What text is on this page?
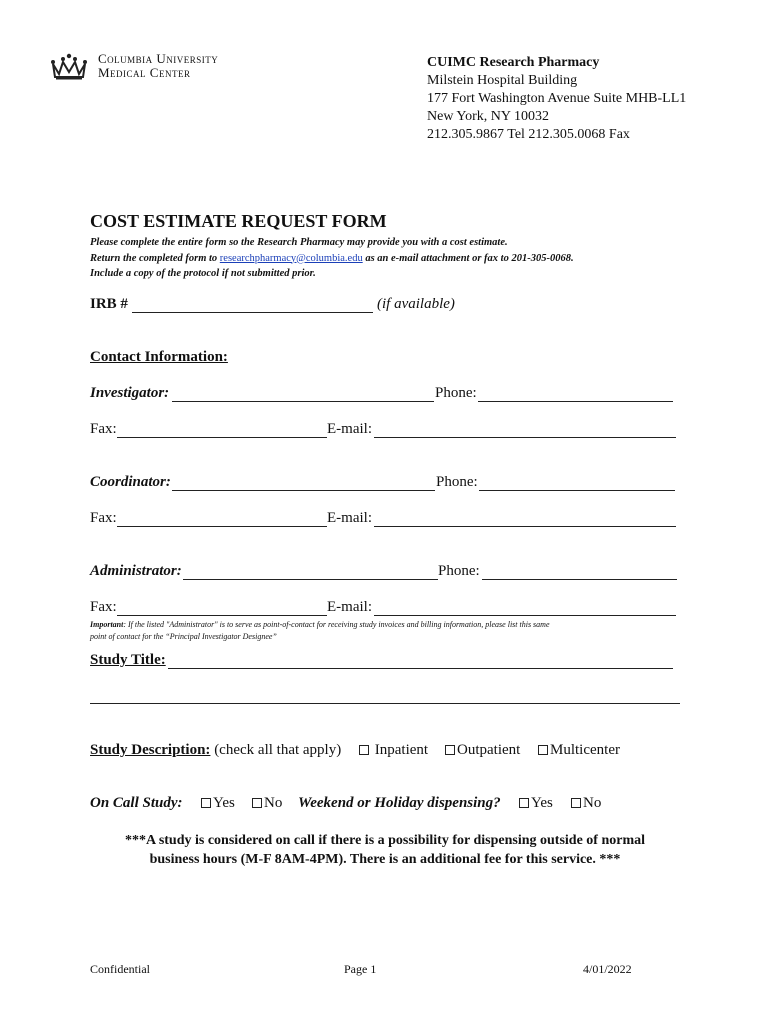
Columbia University
Medical Center
CUIMC Research Pharmacy
Milstein Hospital Building
177 Fort Washington Avenue Suite MHB-LL1
New York, NY 10032
212.305.9867 Tel 212.305.0068 Fax
COST ESTIMATE REQUEST FORM
Please complete the entire form so the Research Pharmacy may provide you with a cost estimate.
Return the completed form to researchpharmacy@columbia.edu as an e-mail attachment or fax to 201-305-0068.
Include a copy of the protocol if not submitted prior.
IRB #	(if available)
Contact Information:
Investigator:	Phone:
Fax:	E-mail:
Coordinator:	Phone:
Fax:	E-mail:
Administrator:	Phone:
Fax:	E-mail:
Important: If the listed "Administrator" is to serve as point-of-contact for receiving study invoices and billing information, please list this same
point of contact for the “Principal Investigator Designee”
Study Title:
Study Description: (check all that apply)	Inpatient	Outpatient	Multicenter
On Call Study:	Yes	No Weekend or Holiday dispensing?	Yes	No
***A study is considered on call if there is a possibility for dispensing outside of normal
business hours (M-F 8AM-4PM). There is an additional fee for this service. ***
Confidential	Page 1	4/01/2022
